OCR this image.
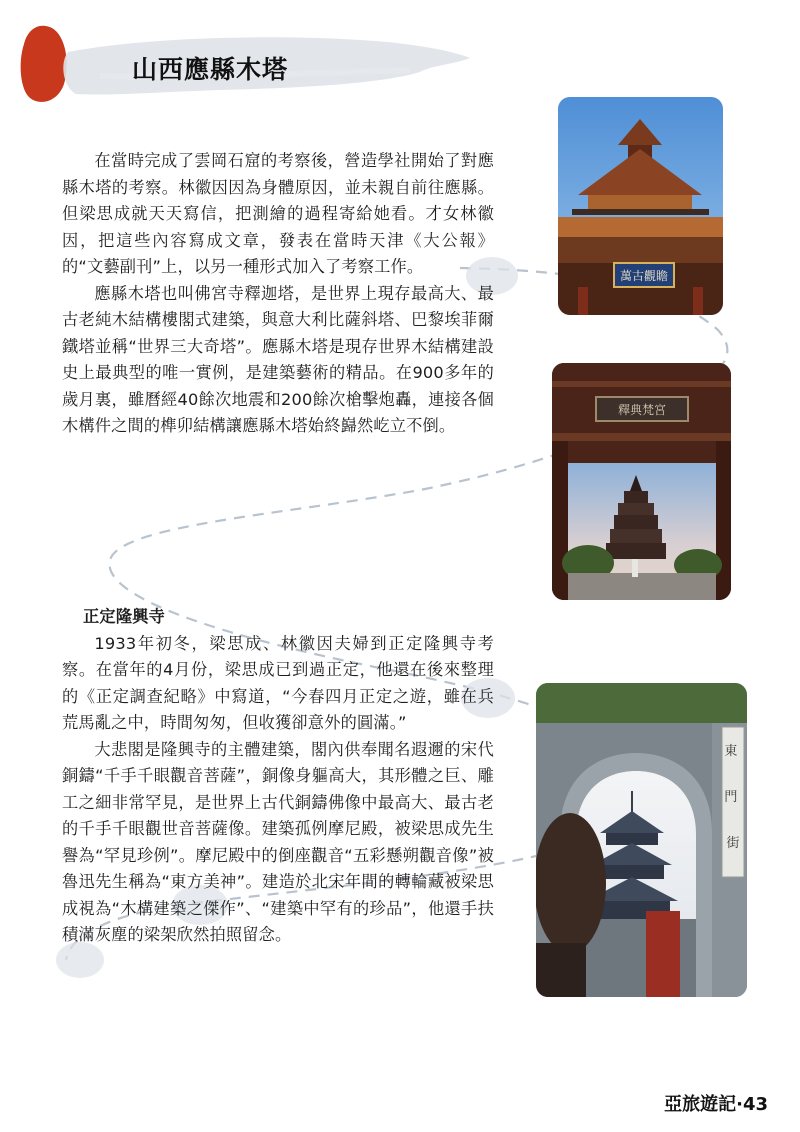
山西應縣木塔

在當時完成了雲岡石窟的考察後，營造學社開始了對應縣木塔的考察。林徽因因為身體原因，並未親自前往應縣。但梁思成就天天寫信，把測繪的過程寄給她看。才女林徽因，把這些內容寫成文章，發表在當時天津《大公報》的“文藝副刊”上，以另一種形式加入了考察工作。

應縣木塔也叫佛宮寺釋迦塔，是世界上現存最高大、最古老純木結構樓閣式建築，與意大利比薩斜塔、巴黎埃菲爾鐵塔並稱“世界三大奇塔”。應縣木塔是現存世界木結構建設史上最典型的唯一實例，是建築藝術的精品。在900多年的歲月裏，雖曆經40餘次地震和200餘次槍擊炮轟，連接各個木構件之間的榫卯結構讓應縣木塔始終巋然屹立不倒。

正定隆興寺

1933年初冬，梁思成、林徽因夫婦到正定隆興寺考察。在當年的4月份，梁思成已到過正定，他還在後來整理的《正定調查紀略》中寫道，“今春四月正定之遊，雖在兵荒馬亂之中，時間匆匆，但收獲卻意外的圓滿。”

大悲閣是隆興寺的主體建築，閣內供奉聞名遐邇的宋代銅鑄“千手千眼觀音菩薩”，銅像身軀高大，其形體之巨、雕工之細非常罕見，是世界上古代銅鑄佛像中最高大、最古老的千手千眼觀世音菩薩像。建築孤例摩尼殿，被梁思成先生譽為“罕見珍例”。摩尼殿中的倒座觀音“五彩懸朔觀音像”被魯迅先生稱為“東方美神”。建造於北宋年間的轉輪藏被梁思成視為“木構建築之傑作”、“建築中罕有的珍品”，他還手扶積滿灰塵的梁架欣然拍照留念。

萬古觀瞻
釋典梵宮
東 門 街
亞旅遊記·43
